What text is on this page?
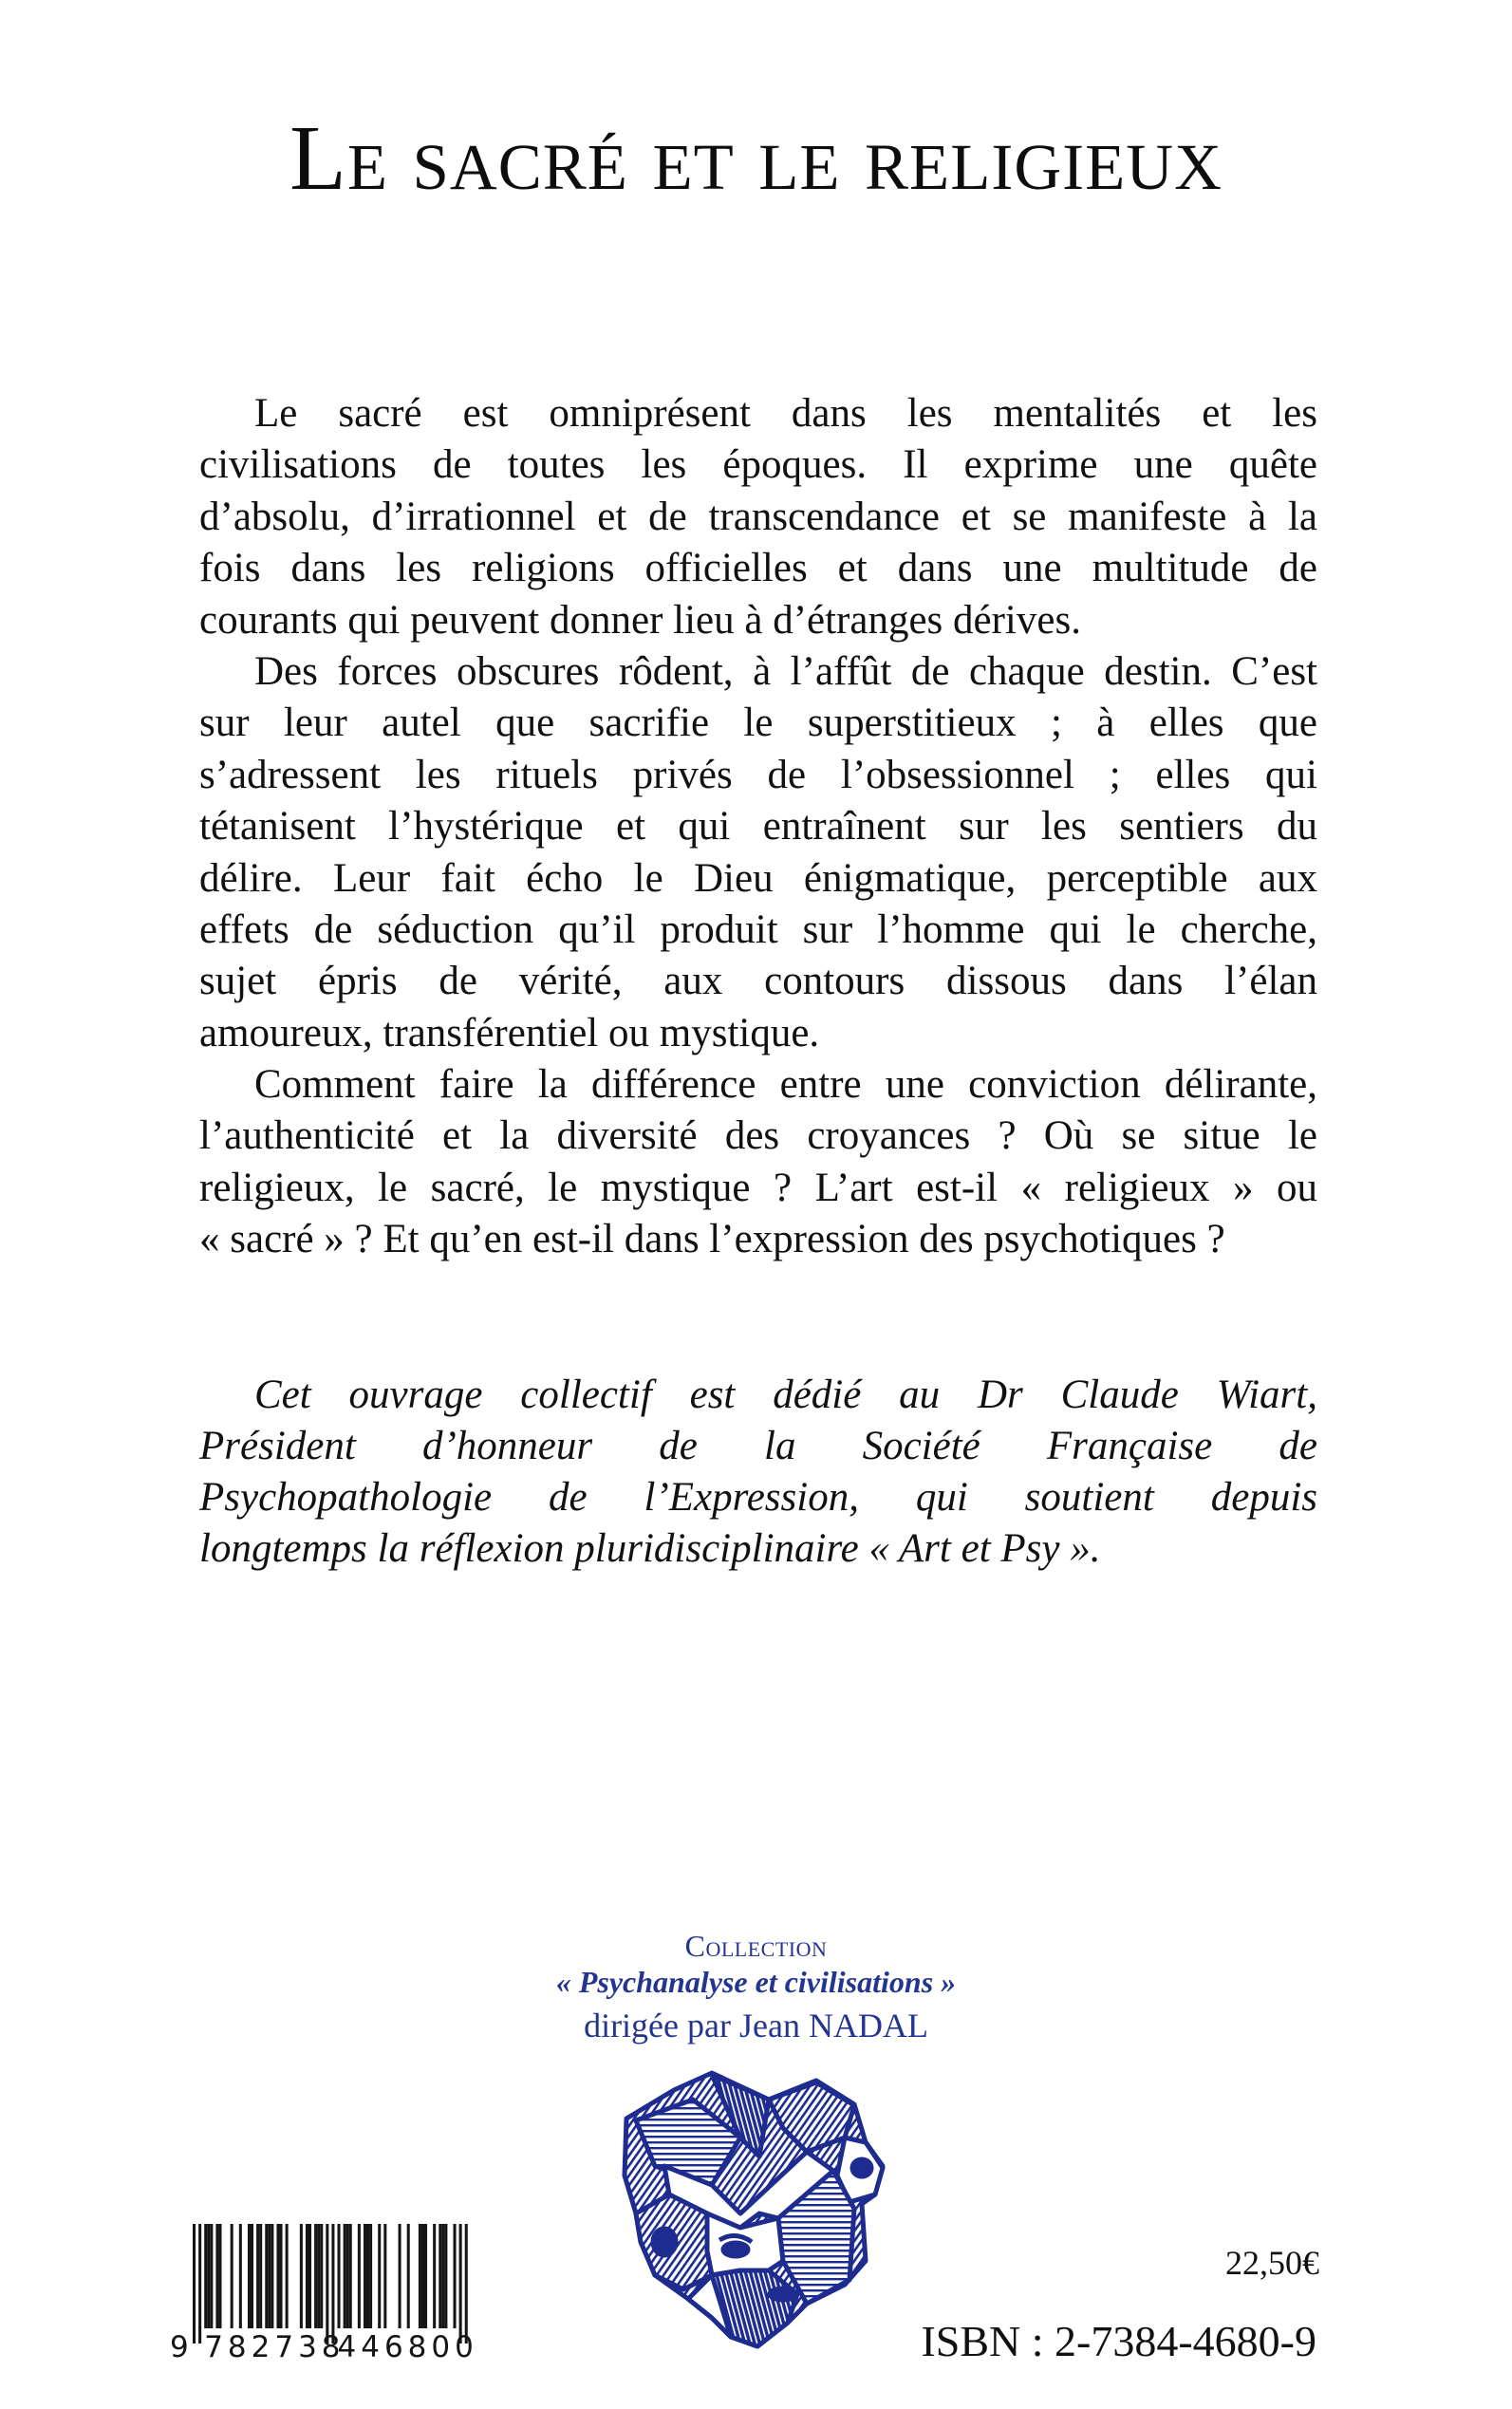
Le sacré et le religieux
Le sacré est omniprésent dans les mentalités et les
civilisations de toutes les époques. Il exprime une quête
d’absolu, d’irrationnel et de transcendance et se manifeste à la
fois dans les religions officielles et dans une multitude de
courants qui peuvent donner lieu à d’étranges dérives.
Des forces obscures rôdent, à l’affût de chaque destin. C’est
sur leur autel que sacrifie le superstitieux ; à elles que
s’adressent les rituels privés de l’obsessionnel ; elles qui
tétanisent l’hystérique et qui entraînent sur les sentiers du
délire. Leur fait écho le Dieu énigmatique, perceptible aux
effets de séduction qu’il produit sur l’homme qui le cherche,
sujet épris de vérité, aux contours dissous dans l’élan
amoureux, transférentiel ou mystique.
Comment faire la différence entre une conviction délirante,
l’authenticité et la diversité des croyances ? Où se situe le
religieux, le sacré, le mystique ? L’art est-il « religieux » ou
« sacré » ? Et qu’en est-il dans l’expression des psychotiques ?
Cet ouvrage collectif est dédié au Dr Claude Wiart,
Président d’honneur de la Société Française de
Psychopathologie de l’Expression, qui soutient depuis
longtemps la réflexion pluridisciplinaire « Art et Psy ».
Collection
« Psychanalyse et civilisations »
dirigée par Jean NADAL
9 782738
446800
22,50€
ISBN : 2-7384-4680-9
